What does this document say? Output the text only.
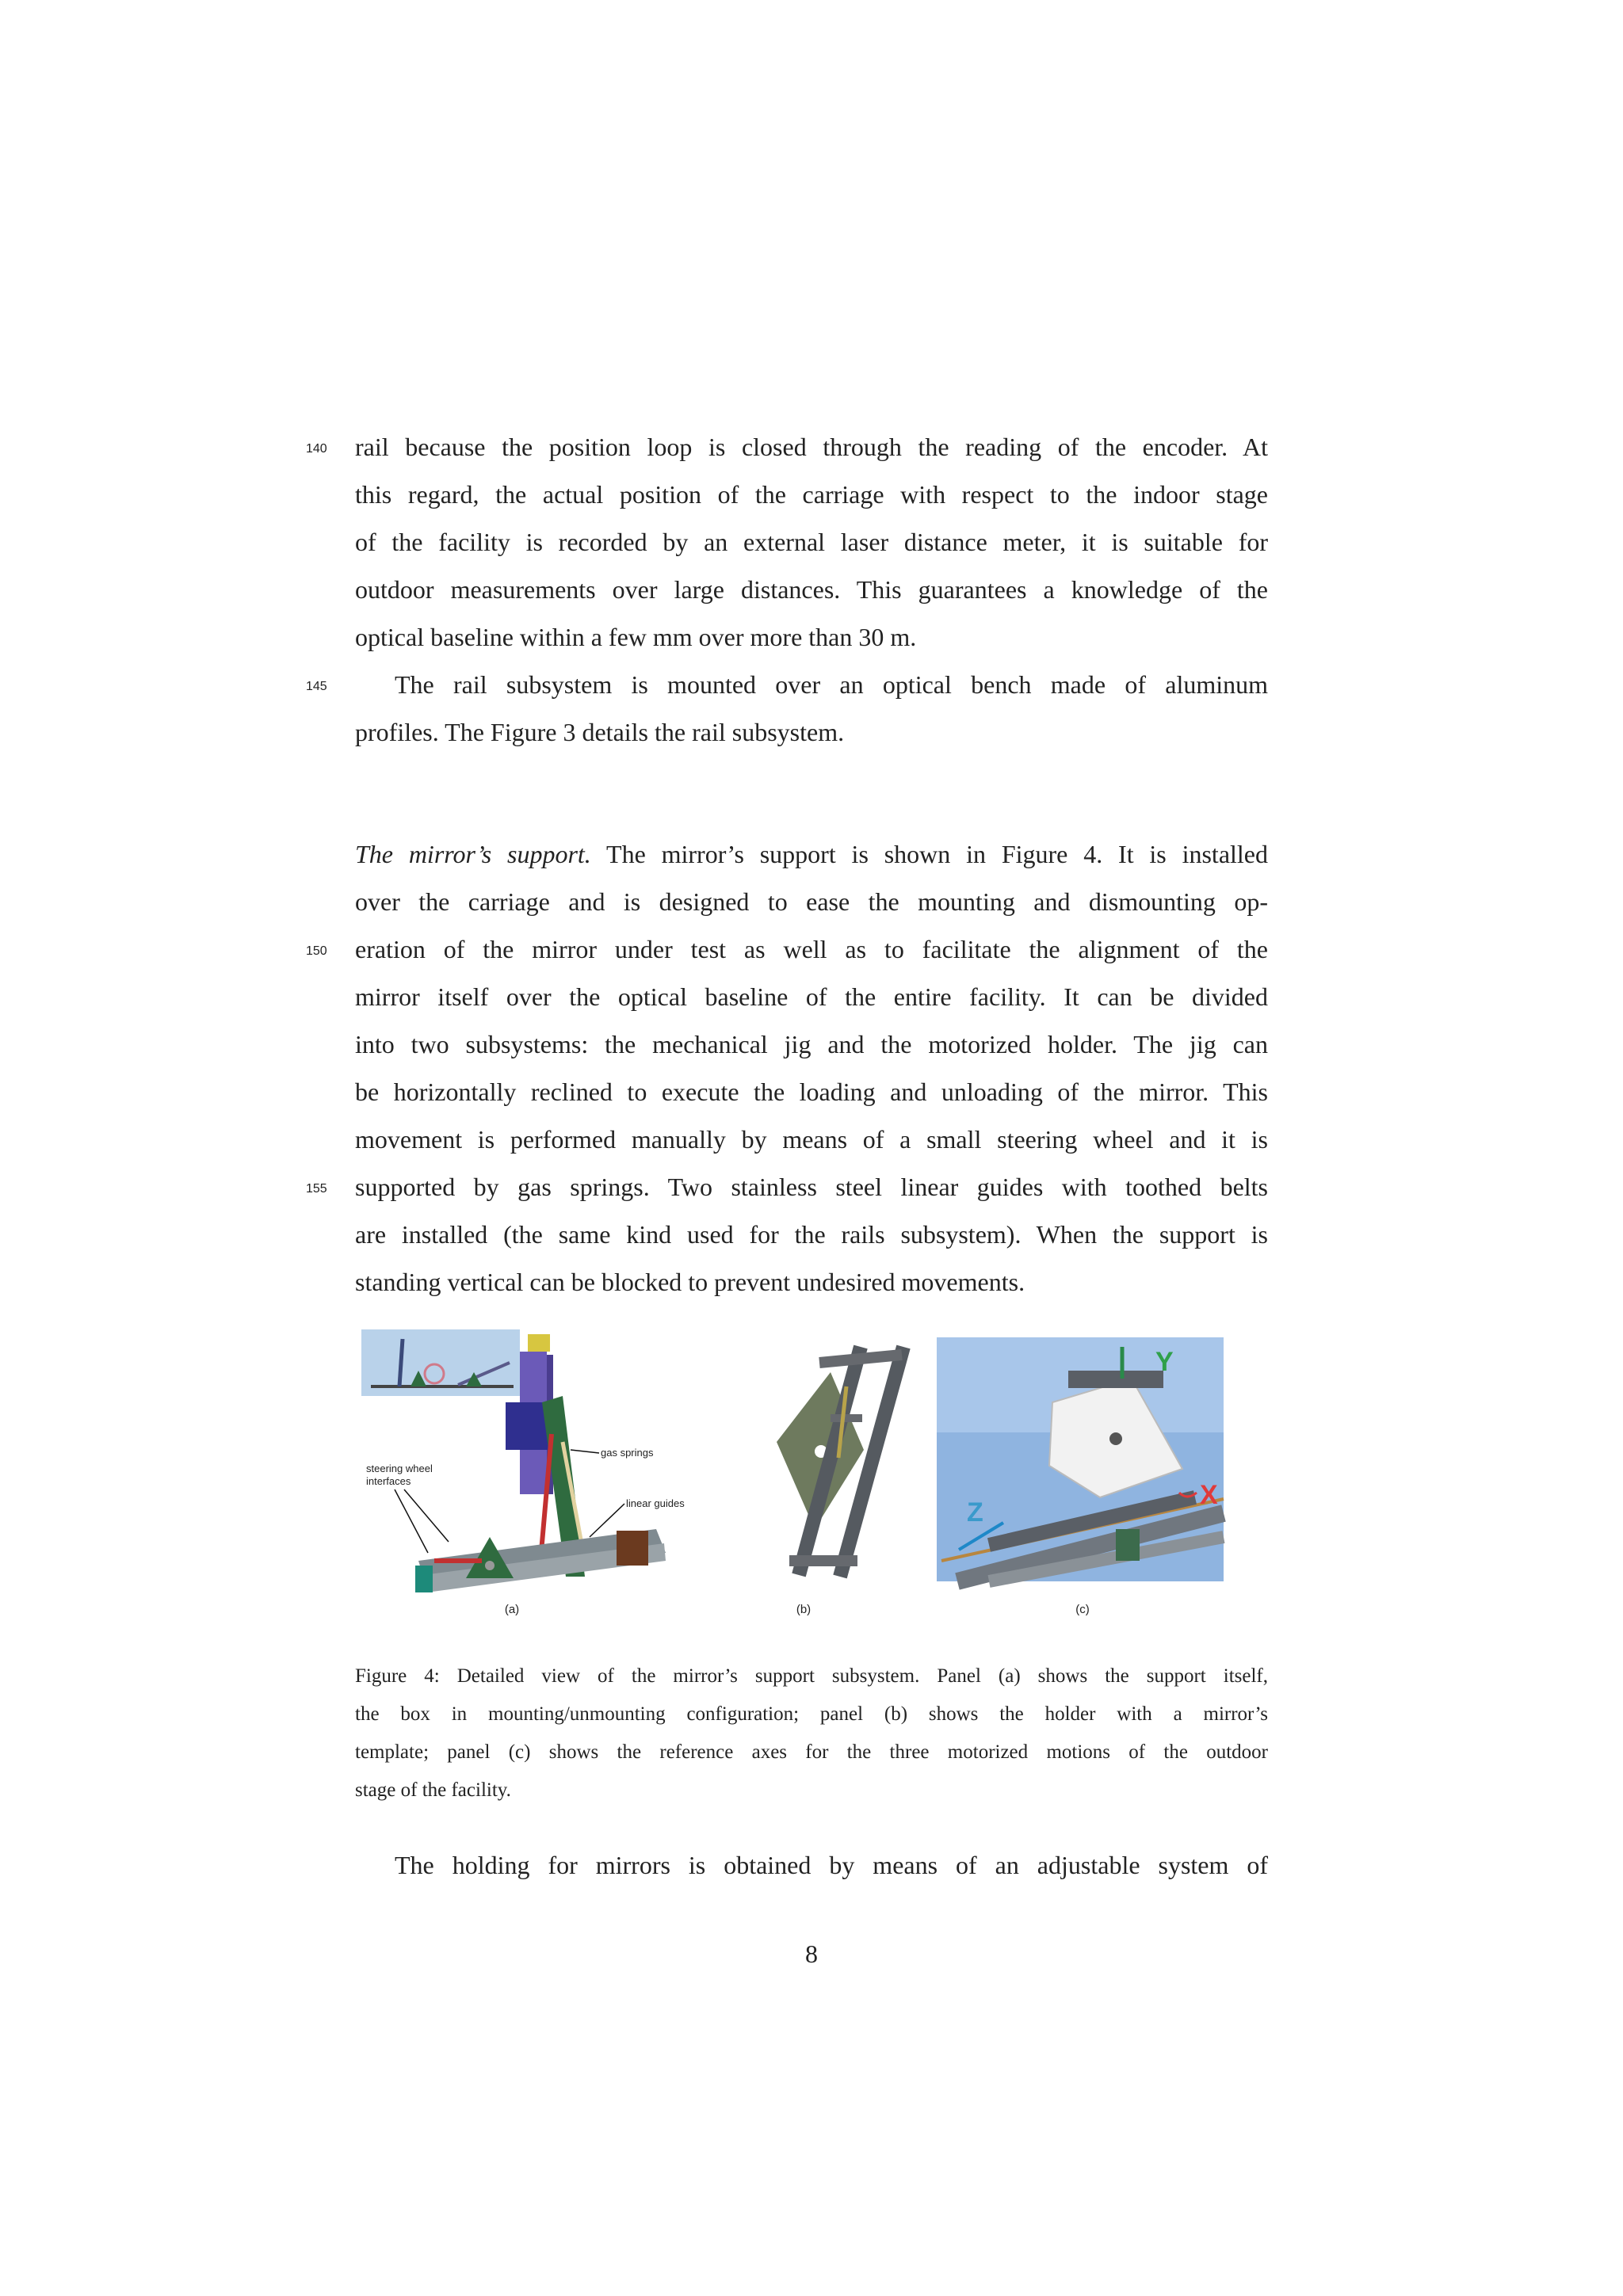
140	rail because the position loop is closed through the reading of the encoder. At
this regard, the actual position of the carriage with respect to the indoor stage
of the facility is recorded by an external laser distance meter, it is suitable for
outdoor measurements over large distances. This guarantees a knowledge of the
optical baseline within a few mm over more than 30 m.
145	The rail subsystem is mounted over an optical bench made of aluminum
profiles. The Figure 3 details the rail subsystem.
The mirror’s support. The mirror’s support is shown in Figure 4. It is installed
over the carriage and is designed to ease the mounting and dismounting op-
150	eration of the mirror under test as well as to facilitate the alignment of the
mirror itself over the optical baseline of the entire facility. It can be divided
into two subsystems: the mechanical jig and the motorized holder. The jig can
be horizontally reclined to execute the loading and unloading of the mirror. This
movement is performed manually by means of a small steering wheel and it is
155	supported by gas springs. Two stainless steel linear guides with toothed belts
are installed (the same kind used for the rails subsystem). When the support is
standing vertical can be blocked to prevent undesired movements.
gas springs
steering wheel
interfaces
linear guides
(a)	(b)
Z
Y
X
(c)
Figure 4: Detailed view of the mirror’s support subsystem. Panel (a) shows the support itself,
the box in mounting/unmounting configuration; panel (b) shows the holder with a mirror’s
template; panel (c) shows the reference axes for the three motorized motions of the outdoor
stage of the facility.
The holding for mirrors is obtained by means of an adjustable system of
8
